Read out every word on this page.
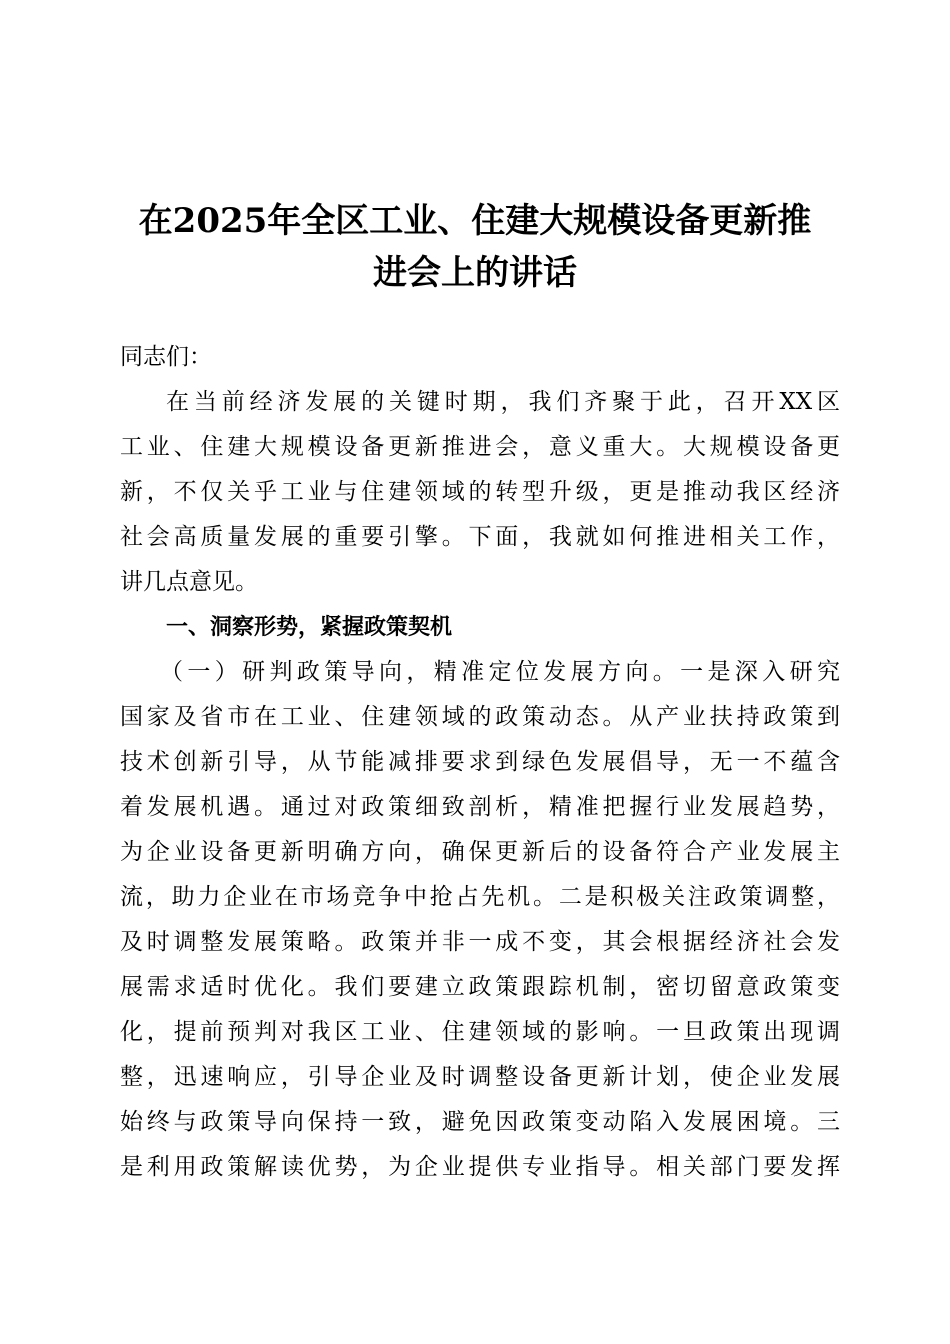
在2025年全区工业、住建大规模设备更新推
进会上的讲话
同志们：
在当前经济发展的关键时期，我们齐聚于此，召开XX区
工业、住建大规模设备更新推进会，意义重大。大规模设备更
新，不仅关乎工业与住建领域的转型升级，更是推动我区经济
社会高质量发展的重要引擎。下面，我就如何推进相关工作，
讲几点意见。
一、洞察形势，紧握政策契机
（一）研判政策导向，精准定位发展方向。一是深入研究
国家及省市在工业、住建领域的政策动态。从产业扶持政策到
技术创新引导，从节能减排要求到绿色发展倡导，无一不蕴含
着发展机遇。通过对政策细致剖析，精准把握行业发展趋势，
为企业设备更新明确方向，确保更新后的设备符合产业发展主
流，助力企业在市场竞争中抢占先机。二是积极关注政策调整，
及时调整发展策略。政策并非一成不变，其会根据经济社会发
展需求适时优化。我们要建立政策跟踪机制，密切留意政策变
化，提前预判对我区工业、住建领域的影响。一旦政策出现调
整，迅速响应，引导企业及时调整设备更新计划，使企业发展
始终与政策导向保持一致，避免因政策变动陷入发展困境。三
是利用政策解读优势，为企业提供专业指导。相关部门要发挥
